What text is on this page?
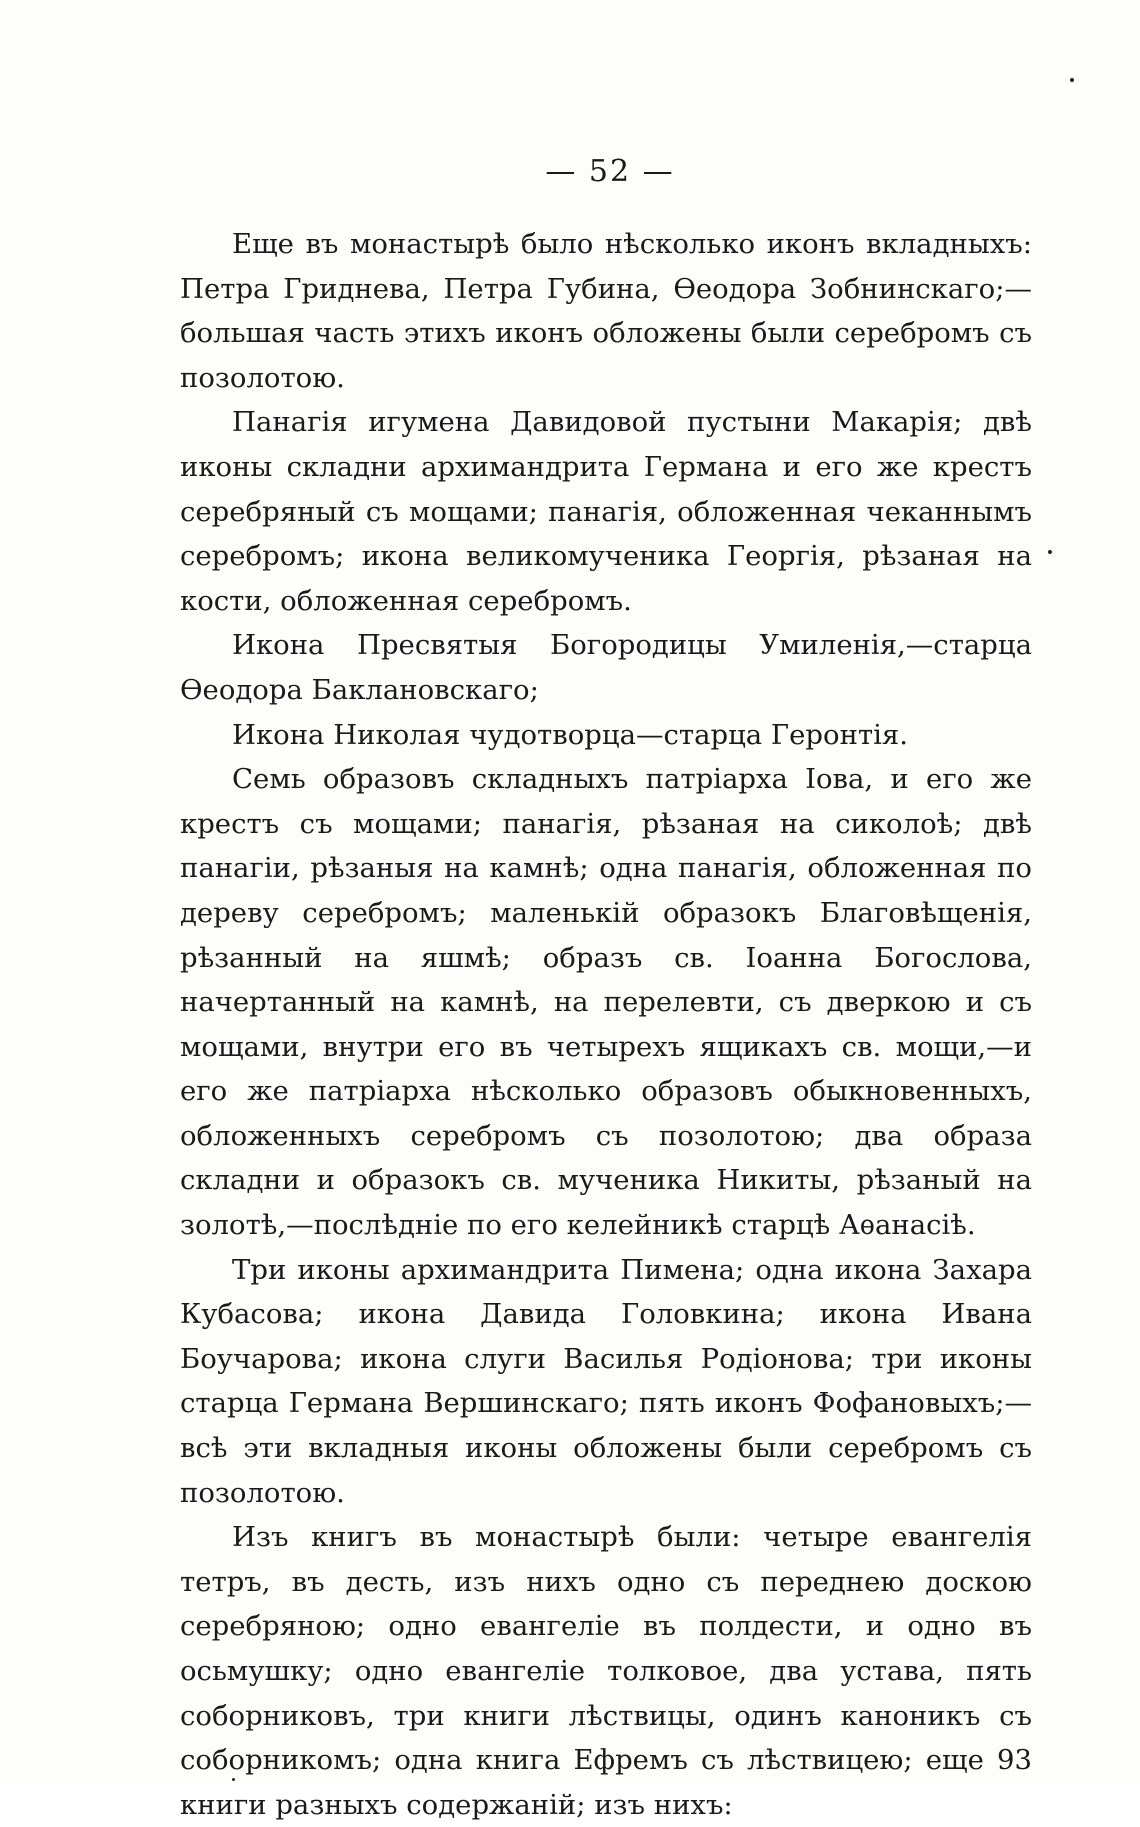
— 52 —

Еще въ монастырѣ было нѣсколько иконъ вкладныхъ: Петра Гриднева, Петра Губина, Ѳеодора Зобнинскаго;—большая часть этихъ иконъ обложены были серебромъ съ позолотою.

Панагія игумена Давидовой пустыни Макарія; двѣ иконы складни архимандрита Германа и его же крестъ серебряный съ мощами; панагія, обложенная чеканнымъ серебромъ; икона великомученика Георгія, рѣзаная на кости, обложенная серебромъ.

Икона Пресвятыя Богородицы Умиленія,—старца Ѳеодора Баклановскаго;

Икона Николая чудотворца—старца Геронтія.

Семь образовъ складныхъ патріарха Іова, и его же крестъ съ мощами; панагія, рѣзаная на сиколоѣ; двѣ панагіи, рѣзаныя на камнѣ; одна панагія, обложенная по дереву серебромъ; маленькій образокъ Благовѣщенія, рѣзанный на яшмѣ; образъ св. Іоанна Богослова, начертанный на камнѣ, на перелевти, съ дверкою и съ мощами, внутри его въ четырехъ ящикахъ св. мощи,—и его же патріарха нѣсколько образовъ обыкновенныхъ, обложенныхъ серебромъ съ позолотою; два образа складни и образокъ св. мученика Никиты, рѣзаный на золотѣ,—послѣдніе по его келейникѣ старцѣ Аѳанасіѣ.

Три иконы архимандрита Пимена; одна икона Захара Кубасова; икона Давида Головкина; икона Ивана Боучарова; икона слуги Василья Родіонова; три иконы старца Германа Вершинскаго; пять иконъ Фофановыхъ;—всѣ эти вкладныя иконы обложены были серебромъ съ позолотою.

Изъ книгъ въ монастырѣ были: четыре евангелія тетръ, въ десть, изъ нихъ одно съ переднею доскою серебряною; одно евангеліе въ полдести, и одно въ осьмушку; одно евангеліе толковое, два устава, пять соборниковъ, три книги лѣствицы, одинъ каноникъ съ соборникомъ; одна книга Ефремъ съ лѣствицею; еще 93 книги разныхъ содержаній; изъ нихъ:
